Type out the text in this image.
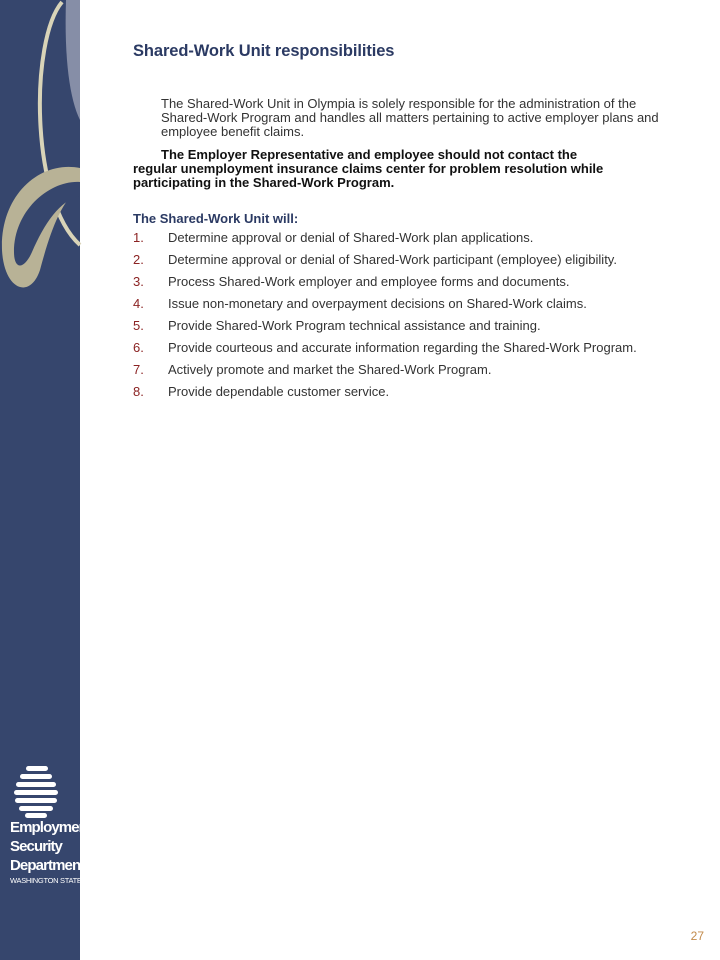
Employment
Security
Department
WASHINGTON STATE
Shared-Work Unit responsibilities

The Shared-Work Unit in Olympia is solely responsible for the administration of the Shared-Work Program and handles all matters pertaining to active employer plans and employee benefit claims.

The Employer Representative and employee should not contact the
regular unemployment insurance claims center for problem resolution while participating in the Shared-Work Program.

The Shared-Work Unit will:

1. Determine approval or denial of Shared-Work plan applications.
2. Determine approval or denial of Shared-Work participant (employee) eligibility.
3. Process Shared-Work employer and employee forms and documents.
4. Issue non-monetary and overpayment decisions on Shared-Work claims.
5. Provide Shared-Work Program technical assistance and training.
6. Provide courteous and accurate information regarding the Shared-Work Program.
7. Actively promote and market the Shared-Work Program.
8. Provide dependable customer service.
27
